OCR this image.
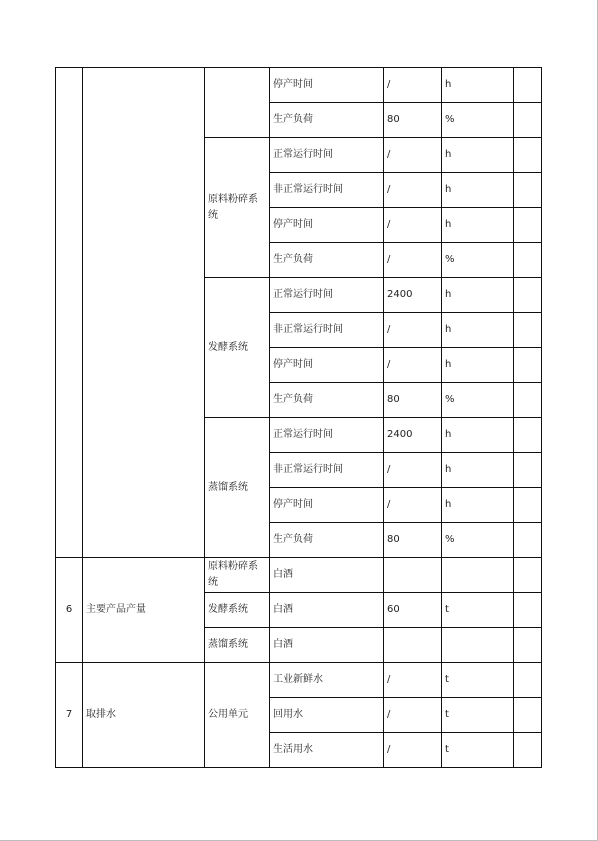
			停产时间	/	h	
			生产负荷	80	%	
		原料粉碎系统	正常运行时间	/	h	
			非正常运行时间	/	h	
			停产时间	/	h	
			生产负荷	/	%	
		发酵系统	正常运行时间	2400	h	
			非正常运行时间	/	h	
			停产时间	/	h	
			生产负荷	80	%	
		蒸馏系统	正常运行时间	2400	h	
			非正常运行时间	/	h	
			停产时间	/	h	
			生产负荷	80	%	
6	主要产品产量	原料粉碎系统	白酒			
		发酵系统	白酒	60	t	
		蒸馏系统	白酒			
7	取排水	公用单元	工业新鲜水	/	t	
			回用水	/	t	
			生活用水	/	t	
